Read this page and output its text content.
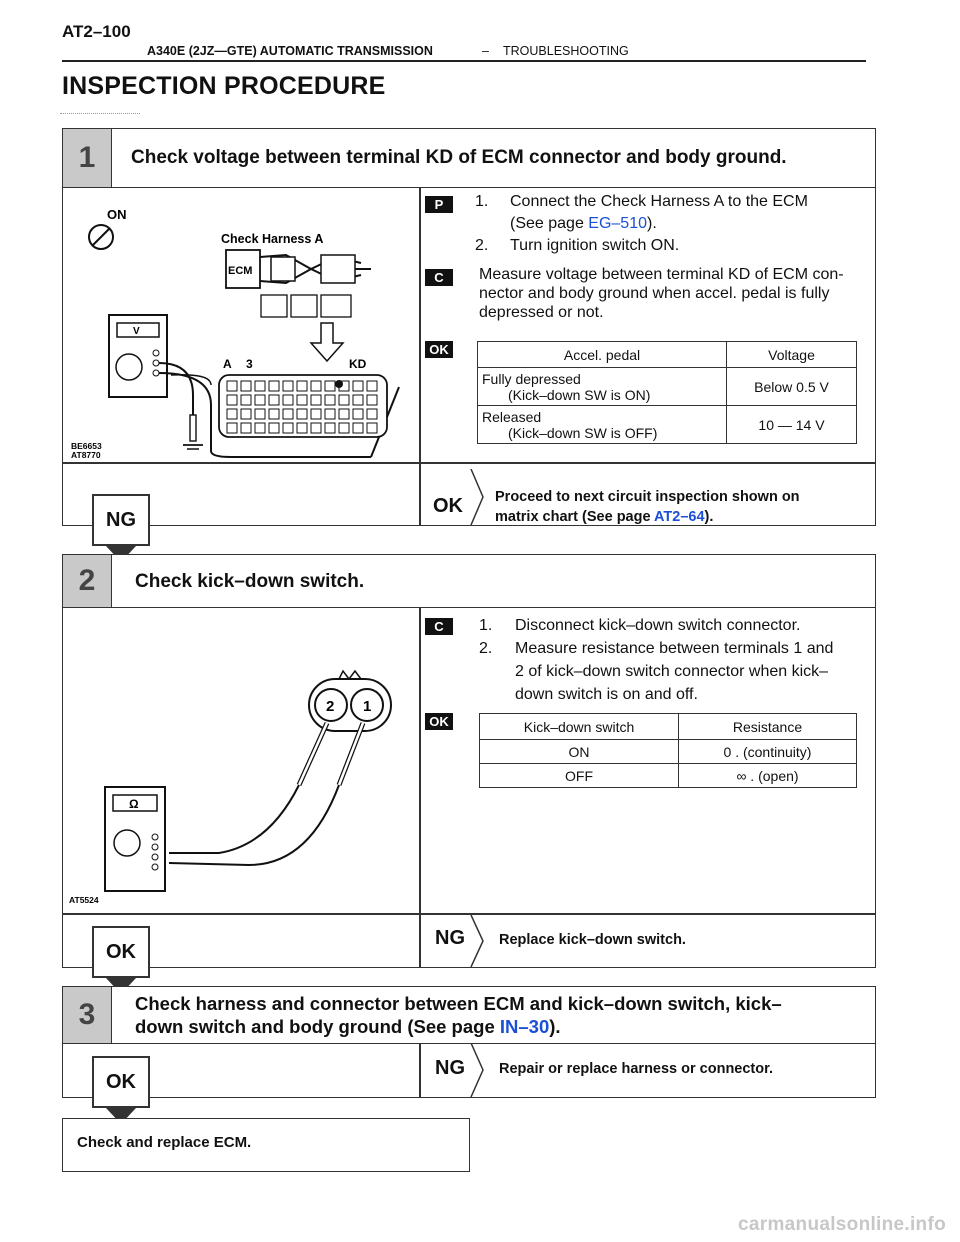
AT2–100
A340E (2JZ—GTE) AUTOMATIC TRANSMISSION	– TROUBLESHOOTING
INSPECTION PROCEDURE
1	Check voltage between terminal KD of ECM connector and body ground.
ON
Check Harness A
ECM
V
A 3	KD
BE6653
AT8770
P	1. Connect the Check Harness A to the ECM
(See page EG–510).
2. Turn ignition switch ON.
C	Measure voltage between terminal KD of ECM con-
nector and body ground when accel. pedal is fully
depressed or not.
OK	Accel. pedal	Voltage

Fully depressed
(Kick–down SW is ON)	Below 0.5 V

Released
(Kick–down SW is OFF)	10 — 14 V
OK Proceed to next circuit inspection shown on
matrix chart (See page AT2–64).
NG
2	Check kick–down switch.
2 1
Ω
AT5524
C	1. Disconnect kick–down switch connector.
2. Measure resistance between terminals 1 and
2 of kick–down switch connector when kick–
down switch is on and off.
OK	Kick–down switch	Resistance
ON	0 . (continuity)
OFF	∞ . (open)
NG Replace kick–down switch.
OK
3	Check harness and connector between ECM and kick–down switch, kick–
down switch and body ground (See page IN–30).
NG Repair or replace harness or connector.
OK
Check and replace ECM.
carmanualsonline.info
